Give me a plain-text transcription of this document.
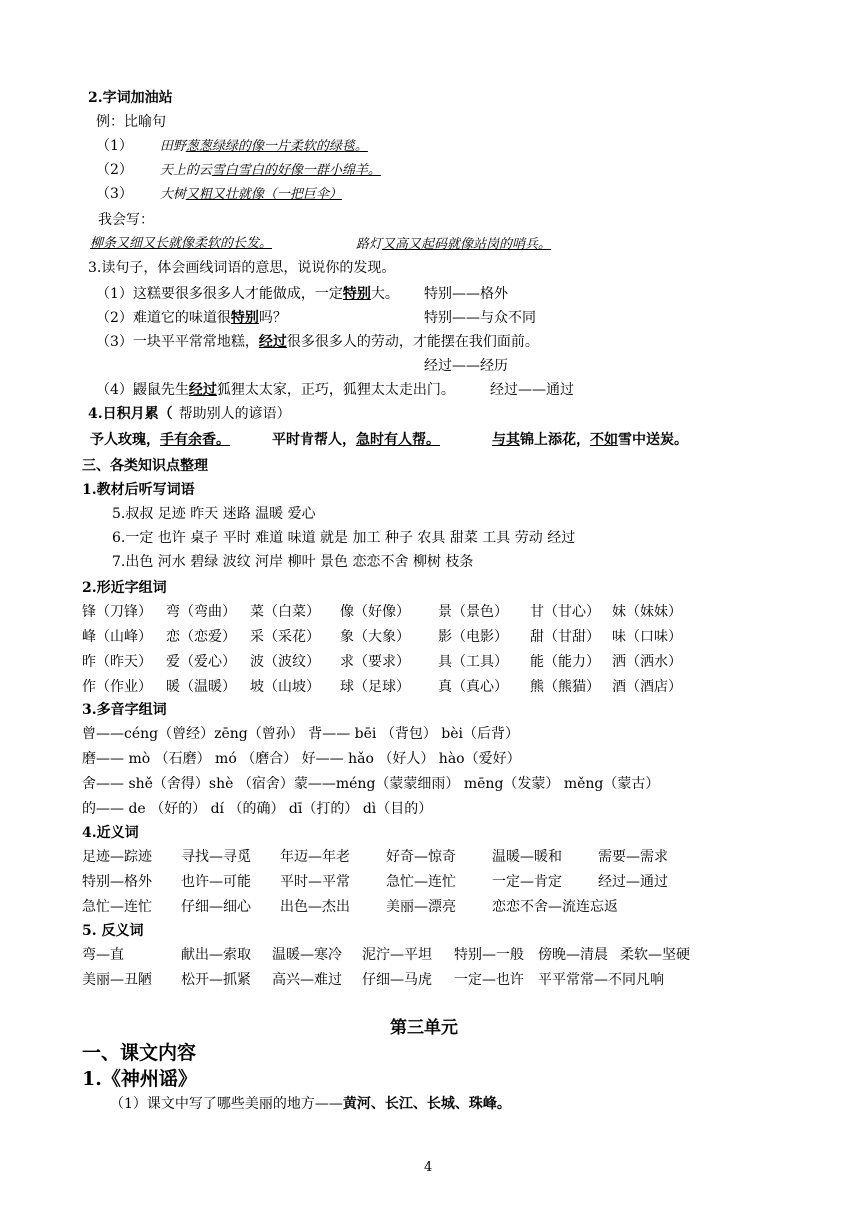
2.字词加油站
例：比喻句
（1） 田野葱葱绿绿的像一片柔软的绿毯。
（2） 天上的云雪白雪白的好像一群小绵羊。
（3） 大树又粗又壮就像（一把巨伞）
我会写：
柳条又细又长就像柔软的长发。	路灯又高又起码就像站岗的哨兵。
3.读句子，体会画线词语的意思，说说你的发现。
（1）这糕要很多很多人才能做成，一定特别大。 特别——格外
（2）难道它的味道很特别吗？	特别——与众不同
（3）一块平平常常地糕，经过很多很多人的劳动，才能摆在我们面前。
经过——经历
（4）鼹鼠先生经过狐狸太太家，正巧，狐狸太太走出门。	经过——通过
4.日积月累（ 帮助别人的谚语）
予人玫瑰，手有余香。	平时肯帮人，急时有人帮。	与其锦上添花，不如雪中送炭。
三、各类知识点整理
1.教材后听写词语
5.叔叔 足迹 昨天 迷路 温暖 爱心
6.一定 也许 桌子 平时 难道 味道 就是 加工 种子 农具 甜菜 工具 劳动 经过
7.出色 河水 碧绿 波纹 河岸 柳叶 景色 恋恋不舍 柳树 枝条
2.形近字组词
锋（刀锋） 弯（弯曲） 菜（白菜） 像（好像） 景（景色） 甘（甘心） 妹（妹妹）
峰（山峰） 恋（恋爱） 采（采花） 象（大象） 影（电影） 甜（甘甜） 味（口味）
昨（昨天） 爱（爱心） 波（波纹） 求（要求） 具（工具） 能（能力） 洒（洒水）
作（作业） 暖（温暖） 坡（山坡） 球（足球） 真（真心） 熊（熊猫） 酒（酒店）
3.多音字组词
曾——céng（曾经）zēng（曾孙） 背—— bēi （背包） bèi（后背）
磨—— mò （石磨） mó （磨合） 好—— hǎo （好人） hào（爱好）
舍—— shě（舍得）shè （宿舍）蒙——méng（蒙蒙细雨） mēng（发蒙） měng（蒙古）
的—— de （好的） dí （的确） dī（打的） dì（目的）
4.近义词
足迹—踪迹 寻找—寻觅 年迈—年老	好奇—惊奇	温暖—暖和	需要—需求
特别—格外 也许—可能 平时—平常	急忙—连忙	一定—肯定	经过—通过
急忙—连忙 仔细—细心 出色—杰出	美丽—漂亮	恋恋不舍—流连忘返
5. 反义词
弯—直	献出—索取 温暖—寒冷 泥泞—平坦 特别—一般 傍晚—清晨 柔软—坚硬
美丽—丑陋 松开—抓紧 高兴—难过 仔细—马虎 一定—也许 平平常常—不同凡响
第三单元
一、课文内容
1.《神州谣》
（1）课文中写了哪些美丽的地方——黄河、长江、长城、珠峰。
4
